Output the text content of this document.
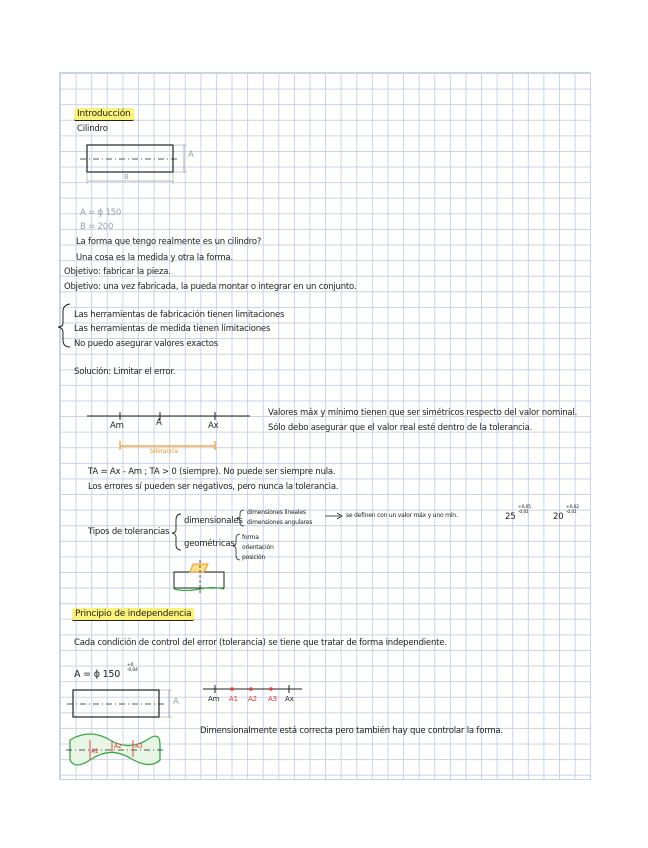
Introducción
Cilindro
A
B
A = ϕ 150
B = 200
La forma que tengo realmente es un cilindro?
Una cosa es la medida y otra la forma.
Objetivo: fabricar la pieza.
Objetivo: una vez fabricada, la pueda montar o integrar en un conjunto.
Las herramientas de fabricación tienen limitaciones
Las herramientas de medida tienen limitaciones
No puedo asegurar valores exactos
Solución: Limitar el error.
Am	A	Ax
tolerancia
Valores máx y mínimo tienen que ser simétricos respecto del valor nominal.
Sólo debo asegurar que el valor real esté dentro de la tolerancia.
TA = Ax - Am ; TA > 0 (siempre). No puede ser siempre nula.
Los errores sí pueden ser negativos, pero nunca la tolerancia.
Tipos de tolerancias
dimensionales
dimensiones lineales
dimensiones angulares
se definen con un valor máx y uno mín.	25
+0,05
-0,01	20
+0,02
-0,01
geométricas
forma
orientación
posición
Principio de independencia
Cada condición de control del error (tolerancia) se tiene que tratar de forma independiente.
A = ϕ 150
+0
-0,04
A	Am A1 A2 A3 Ax
A1
A2 A3
Dimensionalmente está correcta pero también hay que controlar la forma.
